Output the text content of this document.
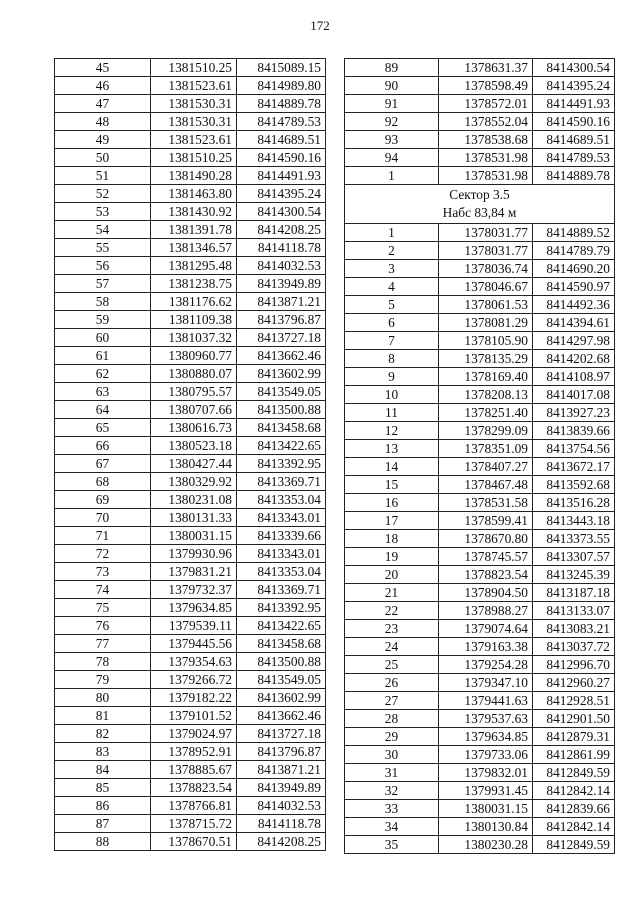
172
45	1381510.25	8415089.15
46	1381523.61	8414989.80
47	1381530.31	8414889.78
48	1381530.31	8414789.53
49	1381523.61	8414689.51
50	1381510.25	8414590.16
51	1381490.28	8414491.93
52	1381463.80	8414395.24
53	1381430.92	8414300.54
54	1381391.78	8414208.25
55	1381346.57	8414118.78
56	1381295.48	8414032.53
57	1381238.75	8413949.89
58	1381176.62	8413871.21
59	1381109.38	8413796.87
60	1381037.32	8413727.18
61	1380960.77	8413662.46
62	1380880.07	8413602.99
63	1380795.57	8413549.05
64	1380707.66	8413500.88
65	1380616.73	8413458.68
66	1380523.18	8413422.65
67	1380427.44	8413392.95
68	1380329.92	8413369.71
69	1380231.08	8413353.04
70	1380131.33	8413343.01
71	1380031.15	8413339.66
72	1379930.96	8413343.01
73	1379831.21	8413353.04
74	1379732.37	8413369.71
75	1379634.85	8413392.95
76	1379539.11	8413422.65
77	1379445.56	8413458.68
78	1379354.63	8413500.88
79	1379266.72	8413549.05
80	1379182.22	8413602.99
81	1379101.52	8413662.46
82	1379024.97	8413727.18
83	1378952.91	8413796.87
84	1378885.67	8413871.21
85	1378823.54	8413949.89
86	1378766.81	8414032.53
87	1378715.72	8414118.78
88	1378670.51	8414208.25
89	1378631.37	8414300.54
90	1378598.49	8414395.24
91	1378572.01	8414491.93
92	1378552.04	8414590.16
93	1378538.68	8414689.51
94	1378531.98	8414789.53
1	1378531.98	8414889.78

Сектор 3.5
Набс 83,84 м		

1	1378031.77	8414889.52
2	1378031.77	8414789.79
3	1378036.74	8414690.20
4	1378046.67	8414590.97
5	1378061.53	8414492.36
6	1378081.29	8414394.61
7	1378105.90	8414297.98
8	1378135.29	8414202.68
9	1378169.40	8414108.97
10	1378208.13	8414017.08
11	1378251.40	8413927.23
12	1378299.09	8413839.66
13	1378351.09	8413754.56
14	1378407.27	8413672.17
15	1378467.48	8413592.68
16	1378531.58	8413516.28
17	1378599.41	8413443.18
18	1378670.80	8413373.55
19	1378745.57	8413307.57
20	1378823.54	8413245.39
21	1378904.50	8413187.18
22	1378988.27	8413133.07
23	1379074.64	8413083.21
24	1379163.38	8413037.72
25	1379254.28	8412996.70
26	1379347.10	8412960.27
27	1379441.63	8412928.51
28	1379537.63	8412901.50
29	1379634.85	8412879.31
30	1379733.06	8412861.99
31	1379832.01	8412849.59
32	1379931.45	8412842.14
33	1380031.15	8412839.66
34	1380130.84	8412842.14
35	1380230.28	8412849.59
